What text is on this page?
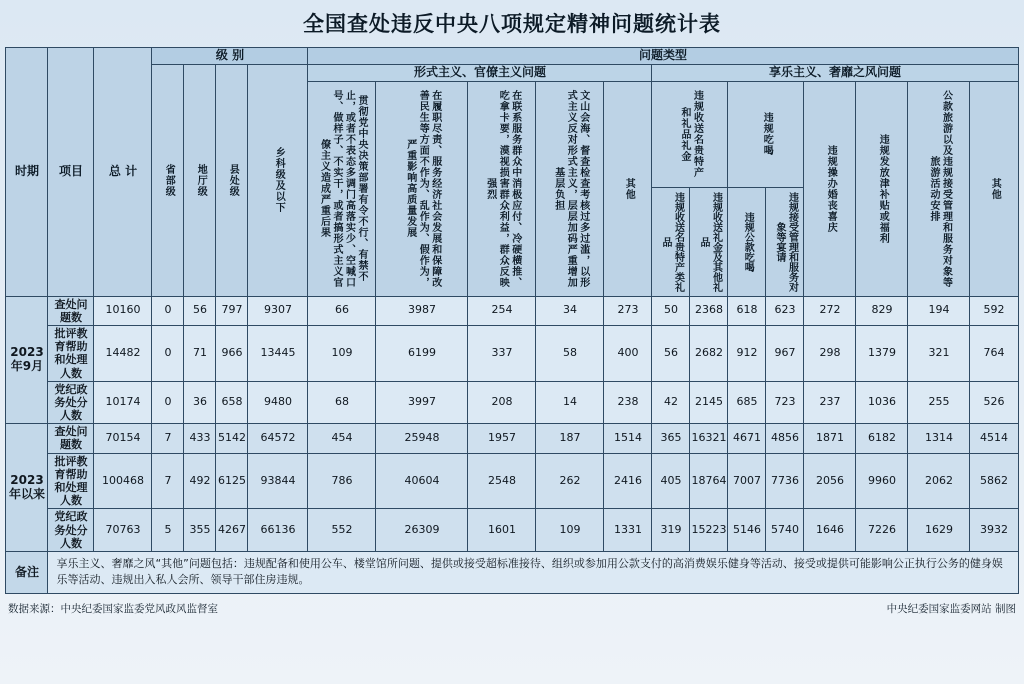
全国查处违反中央八项规定精神问题统计表
时期	项目	总 计	级 别				问题类型												
			省部级	地厅级	县处级	乡科级及以下	形式主义、官僚主义问题					享乐主义、奢靡之风问题							
							贯彻党中央决策部署有令不行、有禁不止，或者不表态多调门高落实少、空喊口号、做样子、不实干，或者搞形式主义官僚主义造成严重后果	在履职尽责、服务经济社会发展和保障改善民生等方面不作为、乱作为、假作为，严重影响高质量发展	在联系服务群众中消极应付、冷硬横推、吃拿卡要，漠视损害群众利益，群众反映强烈	文山会海、督查检查考核过多过滥，以形式主义反对形式主义，层层加码严重增加基层负担	其他	违规收送名贵特产和礼品礼金		违规吃喝		违规操办婚丧喜庆	违规发放津补贴或福利	公款旅游以及违规接受管理和服务对象等旅游活动安排	其他
												违规收送名贵特产类礼品	违规收送礼金及其他礼品	违规公款吃喝	违规接受管理和服务对象等宴请				
2023年9月	查处问题数	10160	0	56	797	9307	66	3987	254	34	273	50	2368	618	623	272	829	194	592
	批评教育帮助和处理人数	14482	0	71	966	13445	109	6199	337	58	400	56	2682	912	967	298	1379	321	764
	党纪政务处分人数	10174	0	36	658	9480	68	3997	208	14	238	42	2145	685	723	237	1036	255	526
2023年以来	查处问题数	70154	7	433	5142	64572	454	25948	1957	187	1514	365	16321	4671	4856	1871	6182	1314	4514
	批评教育帮助和处理人数	100468	7	492	6125	93844	786	40604	2548	262	2416	405	18764	7007	7736	2056	9960	2062	5862
	党纪政务处分人数	70763	5	355	4267	66136	552	26309	1601	109	1331	319	15223	5146	5740	1646	7226	1629	3932
备注	享乐主义、奢靡之风“其他”问题包括：违规配备和使用公车、楼堂馆所问题、提供或接受超标准接待、组织或参加用公款支付的高消费娱乐健身等活动、接受或提供可能影响公正执行公务的健身娱乐等活动、违规出入私人会所、领导干部住房违规。																		
数据来源：中央纪委国家监委党风政风监督室	中央纪委国家监委网站 制图
